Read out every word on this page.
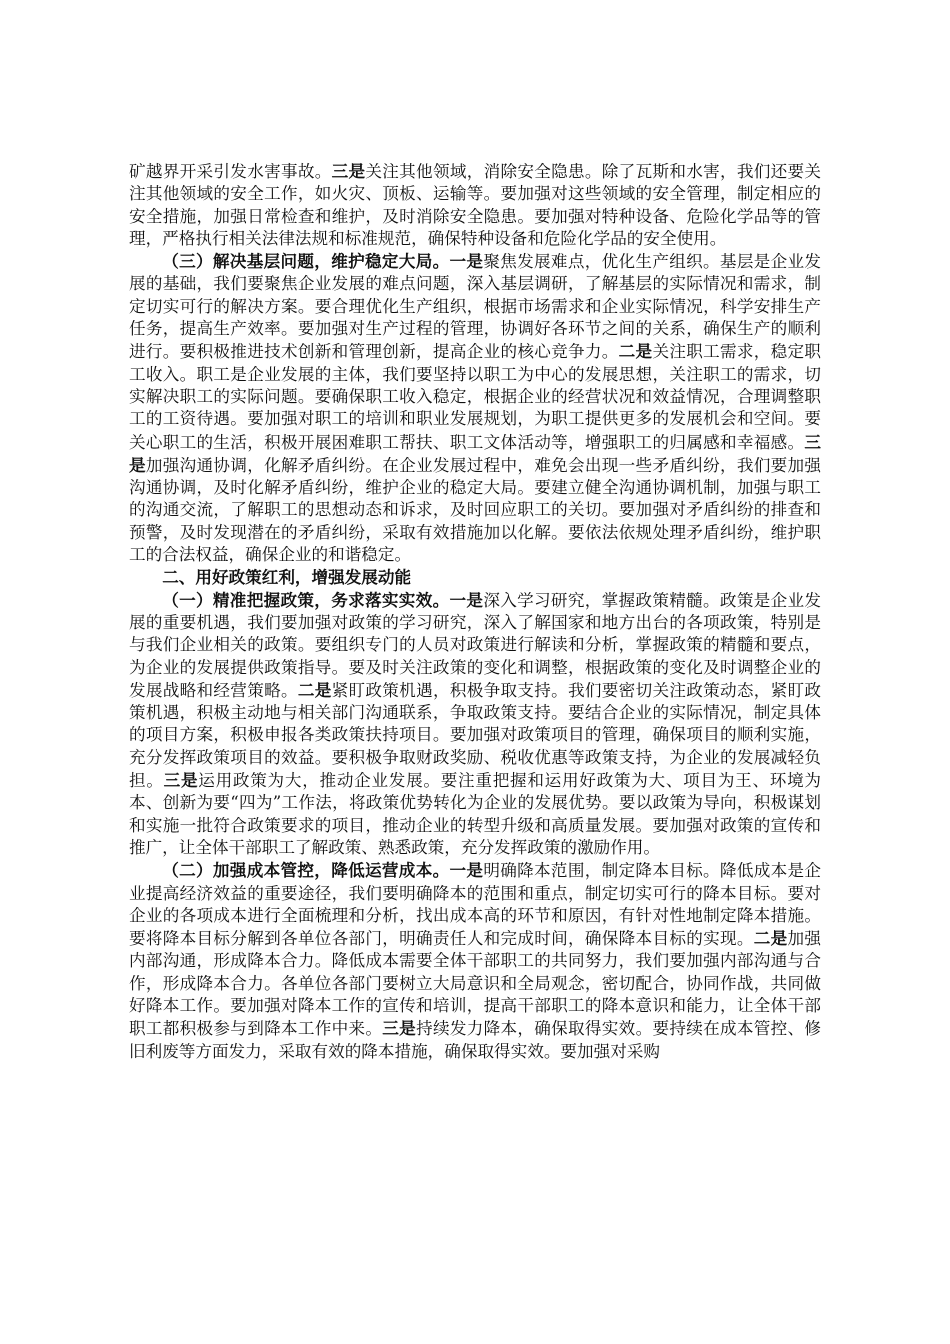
矿越界开采引发水害事故。三是关注其他领域，消除安全隐患。除了瓦斯和水害，我们还要关注其他领域的安全工作，如火灾、顶板、运输等。要加强对这些领域的安全管理，制定相应的安全措施，加强日常检查和维护，及时消除安全隐患。要加强对特种设备、危险化学品等的管理，严格执行相关法律法规和标准规范，确保特种设备和危险化学品的安全使用。

（三）解决基层问题，维护稳定大局。一是聚焦发展难点，优化生产组织。基层是企业发展的基础，我们要聚焦企业发展的难点问题，深入基层调研，了解基层的实际情况和需求，制定切实可行的解决方案。要合理优化生产组织，根据市场需求和企业实际情况，科学安排生产任务，提高生产效率。要加强对生产过程的管理，协调好各环节之间的关系，确保生产的顺利进行。要积极推进技术创新和管理创新，提高企业的核心竞争力。二是关注职工需求，稳定职工收入。职工是企业发展的主体，我们要坚持以职工为中心的发展思想，关注职工的需求，切实解决职工的实际问题。要确保职工收入稳定，根据企业的经营状况和效益情况，合理调整职工的工资待遇。要加强对职工的培训和职业发展规划，为职工提供更多的发展机会和空间。要关心职工的生活，积极开展困难职工帮扶、职工文体活动等，增强职工的归属感和幸福感。三是加强沟通协调，化解矛盾纠纷。在企业发展过程中，难免会出现一些矛盾纠纷，我们要加强沟通协调，及时化解矛盾纠纷，维护企业的稳定大局。要建立健全沟通协调机制，加强与职工的沟通交流，了解职工的思想动态和诉求，及时回应职工的关切。要加强对矛盾纠纷的排查和预警，及时发现潜在的矛盾纠纷，采取有效措施加以化解。要依法依规处理矛盾纠纷，维护职工的合法权益，确保企业的和谐稳定。

二、用好政策红利，增强发展动能

（一）精准把握政策，务求落实实效。一是深入学习研究，掌握政策精髓。政策是企业发展的重要机遇，我们要加强对政策的学习研究，深入了解国家和地方出台的各项政策，特别是与我们企业相关的政策。要组织专门的人员对政策进行解读和分析，掌握政策的精髓和要点，为企业的发展提供政策指导。要及时关注政策的变化和调整，根据政策的变化及时调整企业的发展战略和经营策略。二是紧盯政策机遇，积极争取支持。我们要密切关注政策动态，紧盯政策机遇，积极主动地与相关部门沟通联系，争取政策支持。要结合企业的实际情况，制定具体的项目方案，积极申报各类政策扶持项目。要加强对政策项目的管理，确保项目的顺利实施，充分发挥政策项目的效益。要积极争取财政奖励、税收优惠等政策支持，为企业的发展减轻负担。三是运用政策为大，推动企业发展。要注重把握和运用好政策为大、项目为王、环境为本、创新为要“四为”工作法，将政策优势转化为企业的发展优势。要以政策为导向，积极谋划和实施一批符合政策要求的项目，推动企业的转型升级和高质量发展。要加强对政策的宣传和推广，让全体干部职工了解政策、熟悉政策，充分发挥政策的激励作用。

（二）加强成本管控，降低运营成本。一是明确降本范围，制定降本目标。降低成本是企业提高经济效益的重要途径，我们要明确降本的范围和重点，制定切实可行的降本目标。要对企业的各项成本进行全面梳理和分析，找出成本高的环节和原因，有针对性地制定降本措施。要将降本目标分解到各单位各部门，明确责任人和完成时间，确保降本目标的实现。二是加强内部沟通，形成降本合力。降低成本需要全体干部职工的共同努力，我们要加强内部沟通与合作，形成降本合力。各单位各部门要树立大局意识和全局观念，密切配合，协同作战，共同做好降本工作。要加强对降本工作的宣传和培训，提高干部职工的降本意识和能力，让全体干部职工都积极参与到降本工作中来。三是持续发力降本，确保取得实效。要持续在成本管控、修旧利废等方面发力，采取有效的降本措施，确保取得实效。要加强对采购
